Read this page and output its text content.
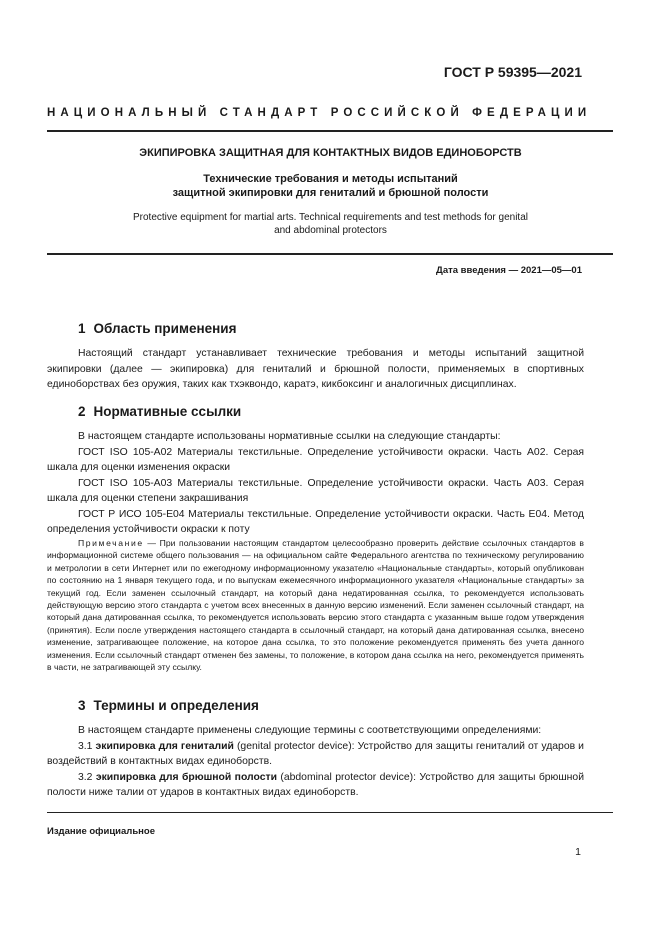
ГОСТ Р 59395—2021
НАЦИОНАЛЬНЫЙ СТАНДАРТ РОССИЙСКОЙ ФЕДЕРАЦИИ
ЭКИПИРОВКА ЗАЩИТНАЯ ДЛЯ КОНТАКТНЫХ ВИДОВ ЕДИНОБОРСТВ
Технические требования и методы испытаний
защитной экипировки для гениталий и брюшной полости
Protective equipment for martial arts. Technical requirements and test methods for genital
and abdominal protectors
Дата введения — 2021—05—01
1 Область применения

Настоящий стандарт устанавливает технические требования и методы испытаний защитной экипировки (далее — экипировка) для гениталий и брюшной полости, применяемых в спортивных единоборствах без оружия, таких как тхэквондо, каратэ, кикбоксинг и аналогичных дисциплинах.

2 Нормативные ссылки

В настоящем стандарте использованы нормативные ссылки на следующие стандарты:

ГОСТ ISO 105-A02 Материалы текстильные. Определение устойчивости окраски. Часть A02. Серая шкала для оценки изменения окраски

ГОСТ ISO 105-A03 Материалы текстильные. Определение устойчивости окраски. Часть A03. Серая шкала для оценки степени закрашивания

ГОСТ Р ИСО 105-E04 Материалы текстильные. Определение устойчивости окраски. Часть E04. Метод определения устойчивости окраски к поту

Примечание — При пользовании настоящим стандартом целесообразно проверить действие ссылочных стандартов в информационной системе общего пользования — на официальном сайте Федерального агентства по техническому регулированию и метрологии в сети Интернет или по ежегодному информационному указателю «Национальные стандарты», который опубликован по состоянию на 1 января текущего года, и по выпускам ежемесячного информационного указателя «Национальные стандарты» за текущий год. Если заменен ссылочный стандарт, на который дана недатированная ссылка, то рекомендуется использовать действующую версию этого стандарта с учетом всех внесенных в данную версию изменений. Если заменен ссылочный стандарт, на который дана датированная ссылка, то рекомендуется использовать версию этого стандарта с указанным выше годом утверждения (принятия). Если после утверждения настоящего стандарта в ссылочный стандарт, на который дана датированная ссылка, внесено изменение, затрагивающее положение, на которое дана ссылка, то это положение рекомендуется применять без учета данного изменения. Если ссылочный стандарт отменен без замены, то положение, в котором дана ссылка на него, рекомендуется применять в части, не затрагивающей эту ссылку.

3 Термины и определения

В настоящем стандарте применены следующие термины с соответствующими определениями:

3.1 экипировка для гениталий (genital protector device): Устройство для защиты гениталий от ударов и воздействий в контактных видах единоборств.

3.2 экипировка для брюшной полости (abdominal protector device): Устройство для защиты брюшной полости ниже талии от ударов в контактных видах единоборств.

Издание официальное
1
